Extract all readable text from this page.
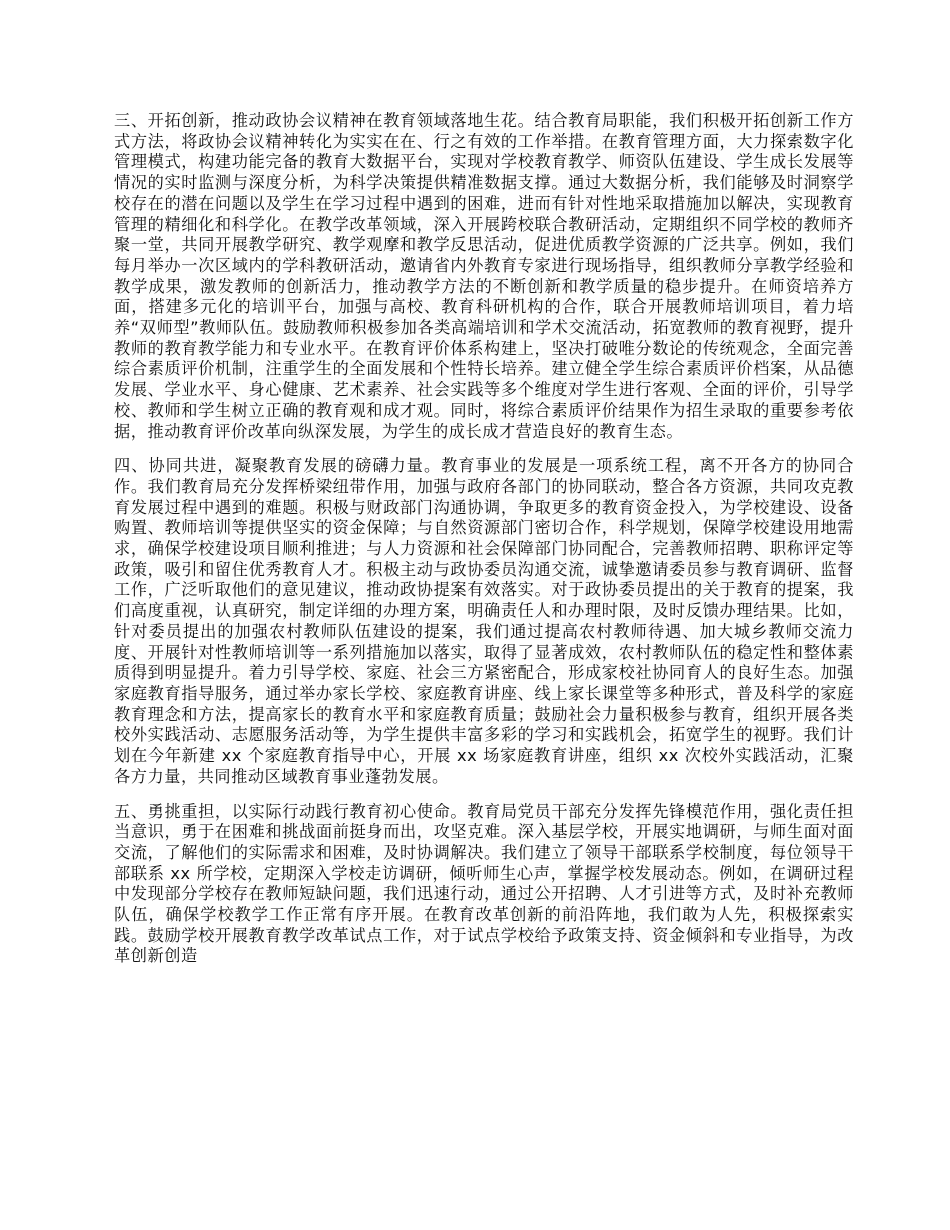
三、开拓创新，推动政协会议精神在教育领域落地生花。结合教育局职能，我们积极开拓创新工作方式方法，将政协会议精神转化为实实在在、行之有效的工作举措。在教育管理方面，大力探索数字化管理模式，构建功能完备的教育大数据平台，实现对学校教育教学、师资队伍建设、学生成长发展等情况的实时监测与深度分析，为科学决策提供精准数据支撑。通过大数据分析，我们能够及时洞察学校存在的潜在问题以及学生在学习过程中遇到的困难，进而有针对性地采取措施加以解决，实现教育管理的精细化和科学化。在教学改革领域，深入开展跨校联合教研活动，定期组织不同学校的教师齐聚一堂，共同开展教学研究、教学观摩和教学反思活动，促进优质教学资源的广泛共享。例如，我们每月举办一次区域内的学科教研活动，邀请省内外教育专家进行现场指导，组织教师分享教学经验和教学成果，激发教师的创新活力，推动教学方法的不断创新和教学质量的稳步提升。在师资培养方面，搭建多元化的培训平台，加强与高校、教育科研机构的合作，联合开展教师培训项目，着力培养“双师型”教师队伍。鼓励教师积极参加各类高端培训和学术交流活动，拓宽教师的教育视野，提升教师的教育教学能力和专业水平。在教育评价体系构建上，坚决打破唯分数论的传统观念，全面完善综合素质评价机制，注重学生的全面发展和个性特长培养。建立健全学生综合素质评价档案，从品德发展、学业水平、身心健康、艺术素养、社会实践等多个维度对学生进行客观、全面的评价，引导学校、教师和学生树立正确的教育观和成才观。同时，将综合素质评价结果作为招生录取的重要参考依据，推动教育评价改革向纵深发展，为学生的成长成才营造良好的教育生态。

四、协同共进，凝聚教育发展的磅礴力量。教育事业的发展是一项系统工程，离不开各方的协同合作。我们教育局充分发挥桥梁纽带作用，加强与政府各部门的协同联动，整合各方资源，共同攻克教育发展过程中遇到的难题。积极与财政部门沟通协调，争取更多的教育资金投入，为学校建设、设备购置、教师培训等提供坚实的资金保障；与自然资源部门密切合作，科学规划，保障学校建设用地需求，确保学校建设项目顺利推进；与人力资源和社会保障部门协同配合，完善教师招聘、职称评定等政策，吸引和留住优秀教育人才。积极主动与政协委员沟通交流，诚挚邀请委员参与教育调研、监督工作，广泛听取他们的意见建议，推动政协提案有效落实。对于政协委员提出的关于教育的提案，我们高度重视，认真研究，制定详细的办理方案，明确责任人和办理时限，及时反馈办理结果。比如，针对委员提出的加强农村教师队伍建设的提案，我们通过提高农村教师待遇、加大城乡教师交流力度、开展针对性教师培训等一系列措施加以落实，取得了显著成效，农村教师队伍的稳定性和整体素质得到明显提升。着力引导学校、家庭、社会三方紧密配合，形成家校社协同育人的良好生态。加强家庭教育指导服务，通过举办家长学校、家庭教育讲座、线上家长课堂等多种形式，普及科学的家庭教育理念和方法，提高家长的教育水平和家庭教育质量；鼓励社会力量积极参与教育，组织开展各类校外实践活动、志愿服务活动等，为学生提供丰富多彩的学习和实践机会，拓宽学生的视野。我们计划在今年新建 xx 个家庭教育指导中心，开展 xx 场家庭教育讲座，组织 xx 次校外实践活动，汇聚各方力量，共同推动区域教育事业蓬勃发展。

五、勇挑重担，以实际行动践行教育初心使命。教育局党员干部充分发挥先锋模范作用，强化责任担当意识，勇于在困难和挑战面前挺身而出，攻坚克难。深入基层学校，开展实地调研，与师生面对面交流，了解他们的实际需求和困难，及时协调解决。我们建立了领导干部联系学校制度，每位领导干部联系 xx 所学校，定期深入学校走访调研，倾听师生心声，掌握学校发展动态。例如，在调研过程中发现部分学校存在教师短缺问题，我们迅速行动，通过公开招聘、人才引进等方式，及时补充教师队伍，确保学校教学工作正常有序开展。在教育改革创新的前沿阵地，我们敢为人先，积极探索实践。鼓励学校开展教育教学改革试点工作，对于试点学校给予政策支持、资金倾斜和专业指导，为改革创新创造
